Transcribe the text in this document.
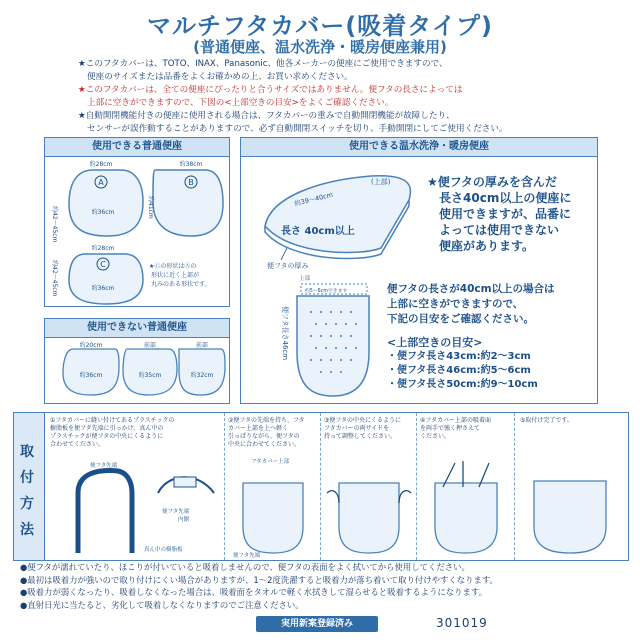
マルチフタカバー(吸着タイプ)
(普通便座、温水洗浄・暖房便座兼用)
★このフタカバーは、TOTO、INAX、Panasonic、他各メーカーの便座にご使用できますので、
便座のサイズまたは品番をよくお確かめの上、お買い求めください。
★このフタカバーは、全ての便座にぴったりと合うサイズではありません。便フタの長さによっては
上部に空きができますので、下図の<上部空きの目安>をよくご確認ください。
★自動開閉機能付きの便座に使用される場合は、フタカバーの重みで自動開閉機能が故障したり、
センサーが誤作動することがありますので、必ず自動開閉スイッチを切り、手動開閉にしてご使用ください。
使用できる普通便座
A
約28cm
約36cm
約42〜45cm
B
約38cm
約41cm
C
約28cm
約42〜45cm	約36cm
★Ⓒの形状はⒶの
形状に近く上部が
丸みのある形状です。
使用できない普通便座
約20cm
約36cm
前部
約35cm
前部
約32cm
使用できる温水洗浄・暖房便座
(上部)
約39〜40cm
長さ 40cm以上
便フタの厚み
上部
約5〜6cm空きます
便フタ長さ46cm
★便フタの厚みを含んだ
長さ40cm以上の便座に
使用できますが、品番に
よっては使用できない
便座があります。
便フタの長さが40cm以上の場合は
上部に空きができますので、
下記の目安をご確認ください。
<上部空きの目安>
・便フタ長さ43cm:約2〜3cm
・便フタ長さ46cm:約5〜6cm
・便フタ長さ50cm:約9〜10cm
取
付
方
法
①フタカバーに縫い付けてあるプラスチックの
樹脂板を便フタ先端に引っかけ、真ん中の
プラスチックが便フタの中央にくるように
合わせてください。
便フタ先端
便フタ先端
内側
真ん中の樹脂板
②便フタの先端を持ち、フタ
カバー上部を上へ軽く
引っぱりながら、便フタの
中央に合わせてください。
フタカバー上部
便フタ先端
③便フタの中央にくるように
フタカバーの両サイドを
持って調整してください。
④フタカバー上部の吸着面
を両手で強く押さえて
ください。
⑤取付け完了です。
●便フタが濡れていたり、ほこりが付いていると吸着しませんので、便フタの表面をよく拭いてから使用してください。
●最初は吸着力が強いので取り付けにくい場合がありますが、1〜2度洗濯すると吸着力が落ち着いて取り付けやすくなります。
●吸着力が弱くなったり、吸着しなくなった場合は、吸着面をタオルで軽く水拭きして湿らせると吸着するようになります。
●直射日光に当たると、劣化して吸着しなくなりますのでご注意ください。
実用新案登録済み	301019
